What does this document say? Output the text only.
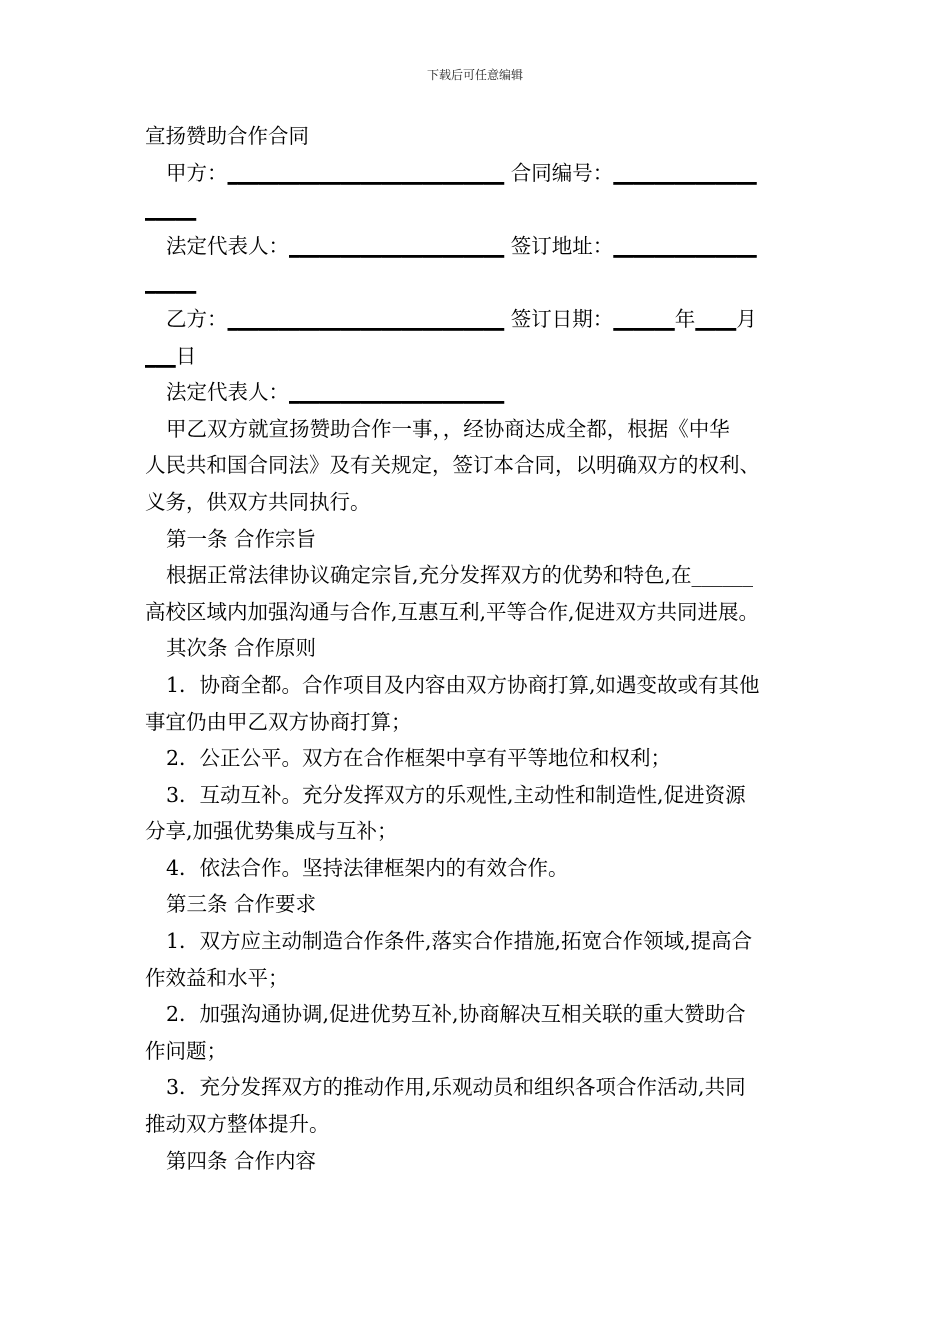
下载后可任意编辑
宣扬赞助合作合同
甲方：___________________________ 合同编号：______________
_____
法定代表人：_____________________ 签订地址：______________
_____
乙方：___________________________ 签订日期：______年____月
___日
法定代表人：_____________________
甲乙双方就宣扬赞助合作一事，，经协商达成全都，根据《中华
人民共和国合同法》及有关规定，签订本合同，以明确双方的权利、
义务，供双方共同执行。
第一条 合作宗旨
根据正常法律协议确定宗旨,充分发挥双方的优势和特色,在______
高校区域内加强沟通与合作,互惠互利,平等合作,促进双方共同进展。
其次条 合作原则
1．协商全都。合作项目及内容由双方协商打算,如遇变故或有其他
事宜仍由甲乙双方协商打算；
2．公正公平。双方在合作框架中享有平等地位和权利；
3．互动互补。充分发挥双方的乐观性,主动性和制造性,促进资源
分享,加强优势集成与互补；
4．依法合作。坚持法律框架内的有效合作。
第三条 合作要求
1．双方应主动制造合作条件,落实合作措施,拓宽合作领域,提高合
作效益和水平；
2．加强沟通协调,促进优势互补,协商解决互相关联的重大赞助合
作问题；
3．充分发挥双方的推动作用,乐观动员和组织各项合作活动,共同
推动双方整体提升。
第四条 合作内容
